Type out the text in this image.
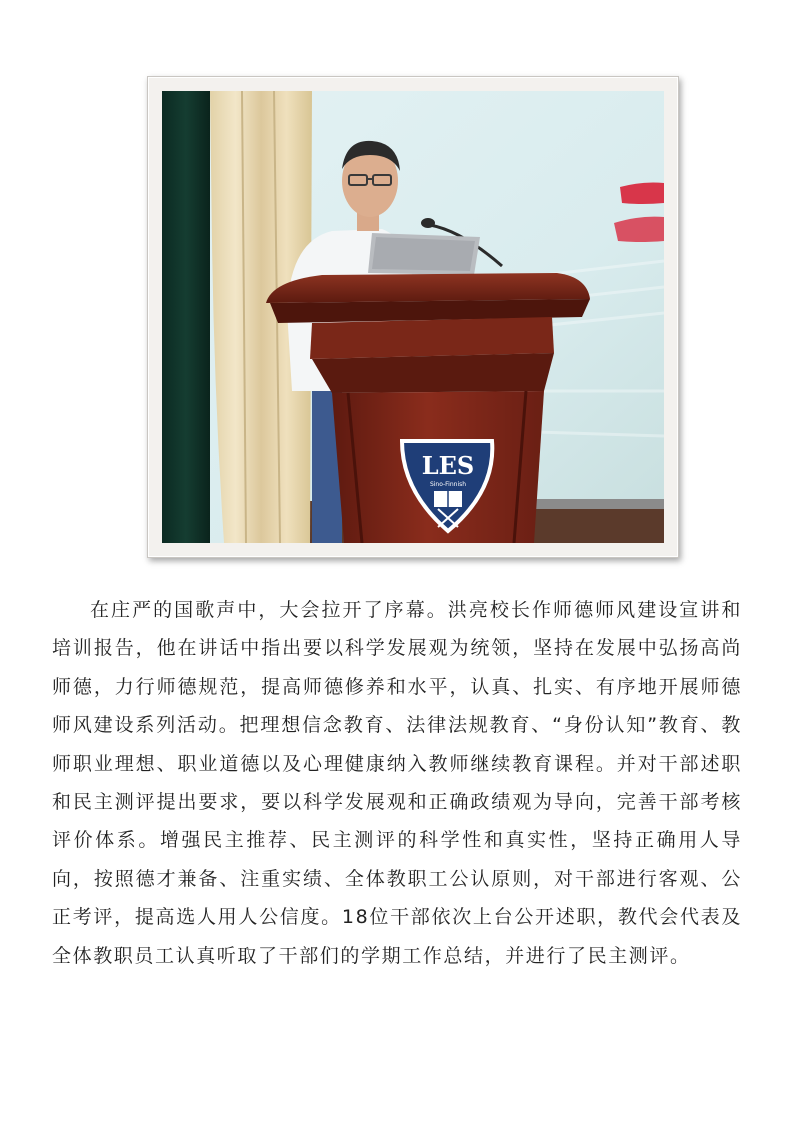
LES
Sino-Finnish

在庄严的国歌声中，大会拉开了序幕。洪亮校长作师德师风建设宣讲和培训报告，他在讲话中指出要以科学发展观为统领，坚持在发展中弘扬高尚师德，力行师德规范，提高师德修养和水平，认真、扎实、有序地开展师德师风建设系列活动。把理想信念教育、法律法规教育、“身份认知”教育、教师职业理想、职业道德以及心理健康纳入教师继续教育课程。并对干部述职和民主测评提出要求，要以科学发展观和正确政绩观为导向，完善干部考核评价体系。增强民主推荐、民主测评的科学性和真实性，坚持正确用人导向，按照德才兼备、注重实绩、全体教职工公认原则，对干部进行客观、公正考评，提高选人用人公信度。18位干部依次上台公开述职，教代会代表及全体教职员工认真听取了干部们的学期工作总结，并进行了民主测评。
